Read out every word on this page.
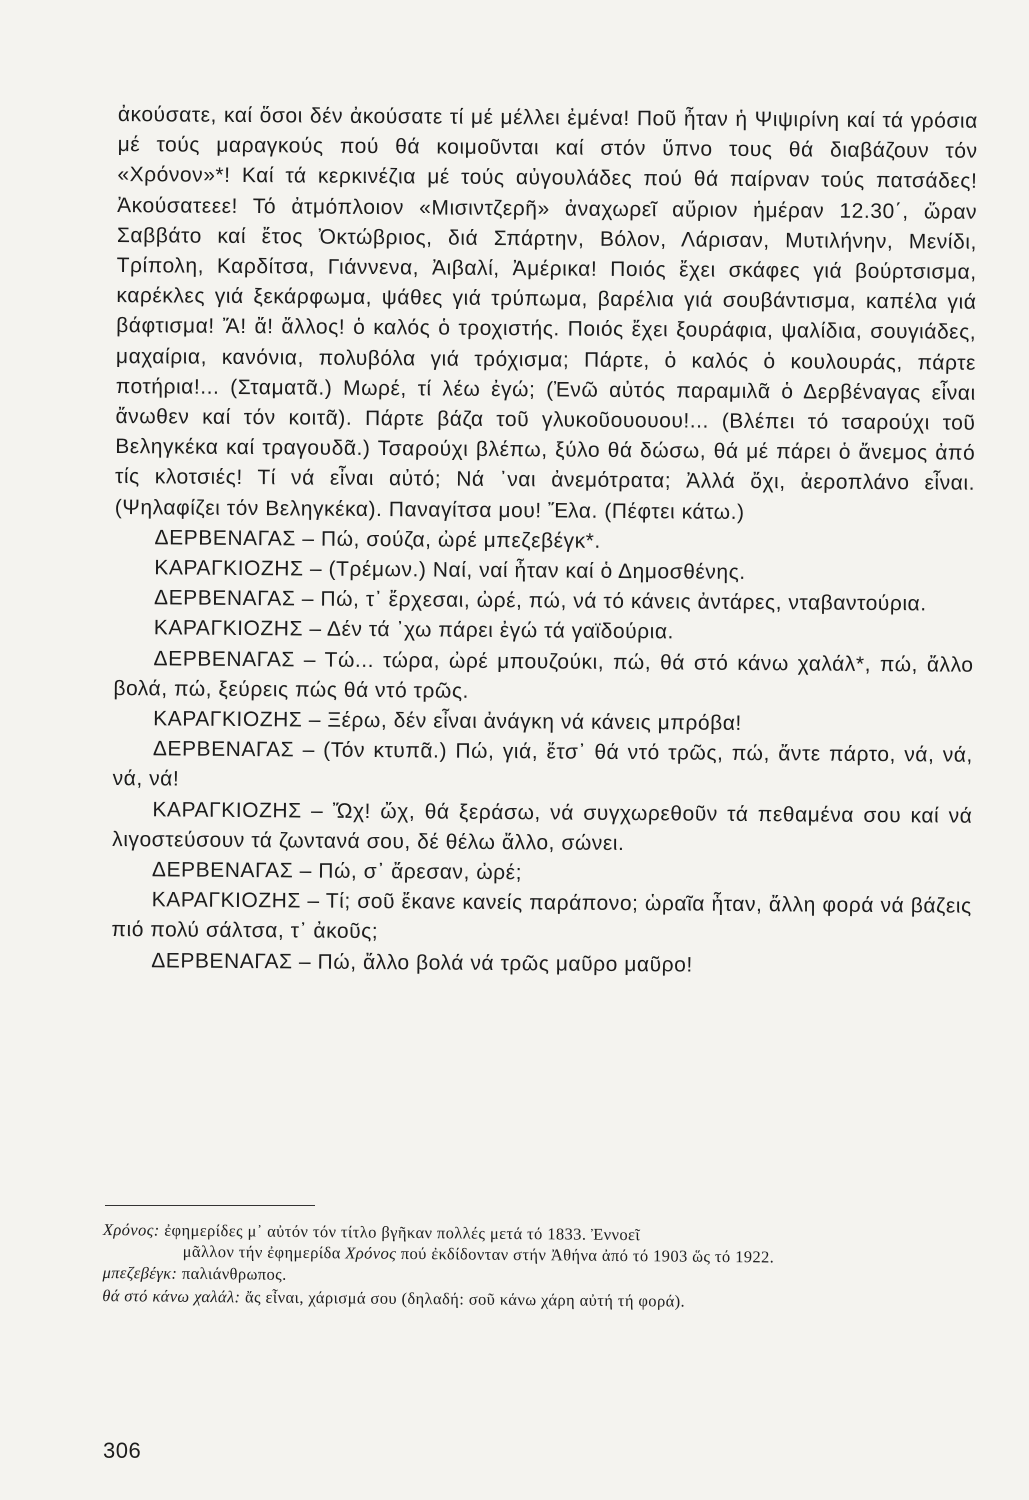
ἀκούσατε, καί ὅσοι δέν ἀκούσατε τί μέ μέλλει ἐμένα! Ποῦ ἦταν ἡ Ψιψιρίνη καί τά γρόσια μέ τούς μαραγκούς πού θά κοιμοῦνται καί στόν ὕπνο τους θά διαβάζουν τόν «Χρόνον»*! Καί τά κερκινέζια μέ τούς αὐγουλάδες πού θά παίρναν τούς πατσάδες! Ἀκούσατεεε! Τό ἀτμόπλοιον «Μισιντζερῆ» ἀναχωρεῖ αὔριον ἡμέραν 12.30΄, ὥραν Σαββάτο καί ἔτος Ὀκτώβριος, διά Σπάρτην, Βόλον, Λάρισαν, Μυτιλήνην, Μενίδι, Τρίπολη, Καρδίτσα, Γιάννενα, Ἀιβαλί, Ἀμέρικα! Ποιός ἔχει σκάφες γιά βούρτσισμα, καρέκλες γιά ξεκάρφωμα, ψάθες γιά τρύπωμα, βαρέλια γιά σουβάντισμα, καπέλα γιά βάφτισμα! Ἄ! ἄ! ἄλλος! ὁ καλός ὁ τροχιστής. Ποιός ἔχει ξουράφια, ψαλίδια, σουγιάδες, μαχαίρια, κανόνια, πολυβόλα γιά τρόχισμα; Πάρτε, ὁ καλός ὁ κουλουράς, πάρτε ποτήρια!... (Σταματᾶ.) Μωρέ, τί λέω ἐγώ; (Ἐνῶ αὐτός παραμιλᾶ ὁ Δερβέναγας εἶναι ἄνωθεν καί τόν κοιτᾶ). Πάρτε βάζα τοῦ γλυκοῦουουου!... (Βλέπει τό τσαρούχι τοῦ Βεληγκέκα καί τραγουδᾶ.) Τσαρούχι βλέπω, ξύλο θά δώσω, θά μέ πάρει ὁ ἄνεμος ἀπό τίς κλοτσιές! Τί νά εἶναι αὐτό; Νά ᾽ναι ἀνεμότρατα; Ἀλλά ὄχι, ἀεροπλάνο εἶναι. (Ψηλαφίζει τόν Βεληγκέκα). Παναγίτσα μου! Ἔλα. (Πέφτει κάτω.)

ΔΕΡΒΕΝΑΓΑΣ – Πώ, σούζα, ὠρέ μπεζεβέγκ*.

ΚΑΡΑΓΚΙΟΖΗΣ – (Τρέμων.) Ναί, ναί ἦταν καί ὁ Δημοσθένης.

ΔΕΡΒΕΝΑΓΑΣ – Πώ, τ᾽ ἔρχεσαι, ὠρέ, πώ, νά τό κάνεις ἀντάρες, νταβαντούρια.

ΚΑΡΑΓΚΙΟΖΗΣ – Δέν τά ᾽χω πάρει ἐγώ τά γαϊδούρια.

ΔΕΡΒΕΝΑΓΑΣ – Τώ... τώρα, ὠρέ μπουζούκι, πώ, θά στό κάνω χαλάλ*, πώ, ἄλλο βολά, πώ, ξεύρεις πώς θά ντό τρῶς.

ΚΑΡΑΓΚΙΟΖΗΣ – Ξέρω, δέν εἶναι ἀνάγκη νά κάνεις μπρόβα!

ΔΕΡΒΕΝΑΓΑΣ – (Τόν κτυπᾶ.) Πώ, γιά, ἔτσ᾽ θά ντό τρῶς, πώ, ἄντε πάρτο, νά, νά, νά, νά!

ΚΑΡΑΓΚΙΟΖΗΣ – Ὤχ! ὤχ, θά ξεράσω, νά συγχωρεθοῦν τά πεθαμένα σου καί νά λιγοστεύσουν τά ζωντανά σου, δέ θέλω ἄλλο, σώνει.

ΔΕΡΒΕΝΑΓΑΣ – Πώ, σ᾽ ἄρεσαν, ὠρέ;

ΚΑΡΑΓΚΙΟΖΗΣ – Τί; σοῦ ἔκανε κανείς παράπονο; ὡραῖα ἦταν, ἄλλη φορά νά βάζεις πιό πολύ σάλτσα, τ᾽ ἀκοῦς;

ΔΕΡΒΕΝΑΓΑΣ – Πώ, ἄλλο βολά νά τρῶς μαῦρο μαῦρο!

Χρόνος: ἐφημερίδες μ᾽ αὐτόν τόν τίτλο βγῆκαν πολλές μετά τό 1833. Ἐννοεῖ
μᾶλλον τήν ἐφημερίδα Χρόνος πού ἐκδίδονταν στήν Ἀθήνα ἀπό τό 1903 ὥς τό 1922.
μπεζεβέγκ: παλιάνθρωπος.
θά στό κάνω χαλάλ: ἄς εἶναι, χάρισμά σου (δηλαδή: σοῦ κάνω χάρη αὐτή τή φορά).
306
